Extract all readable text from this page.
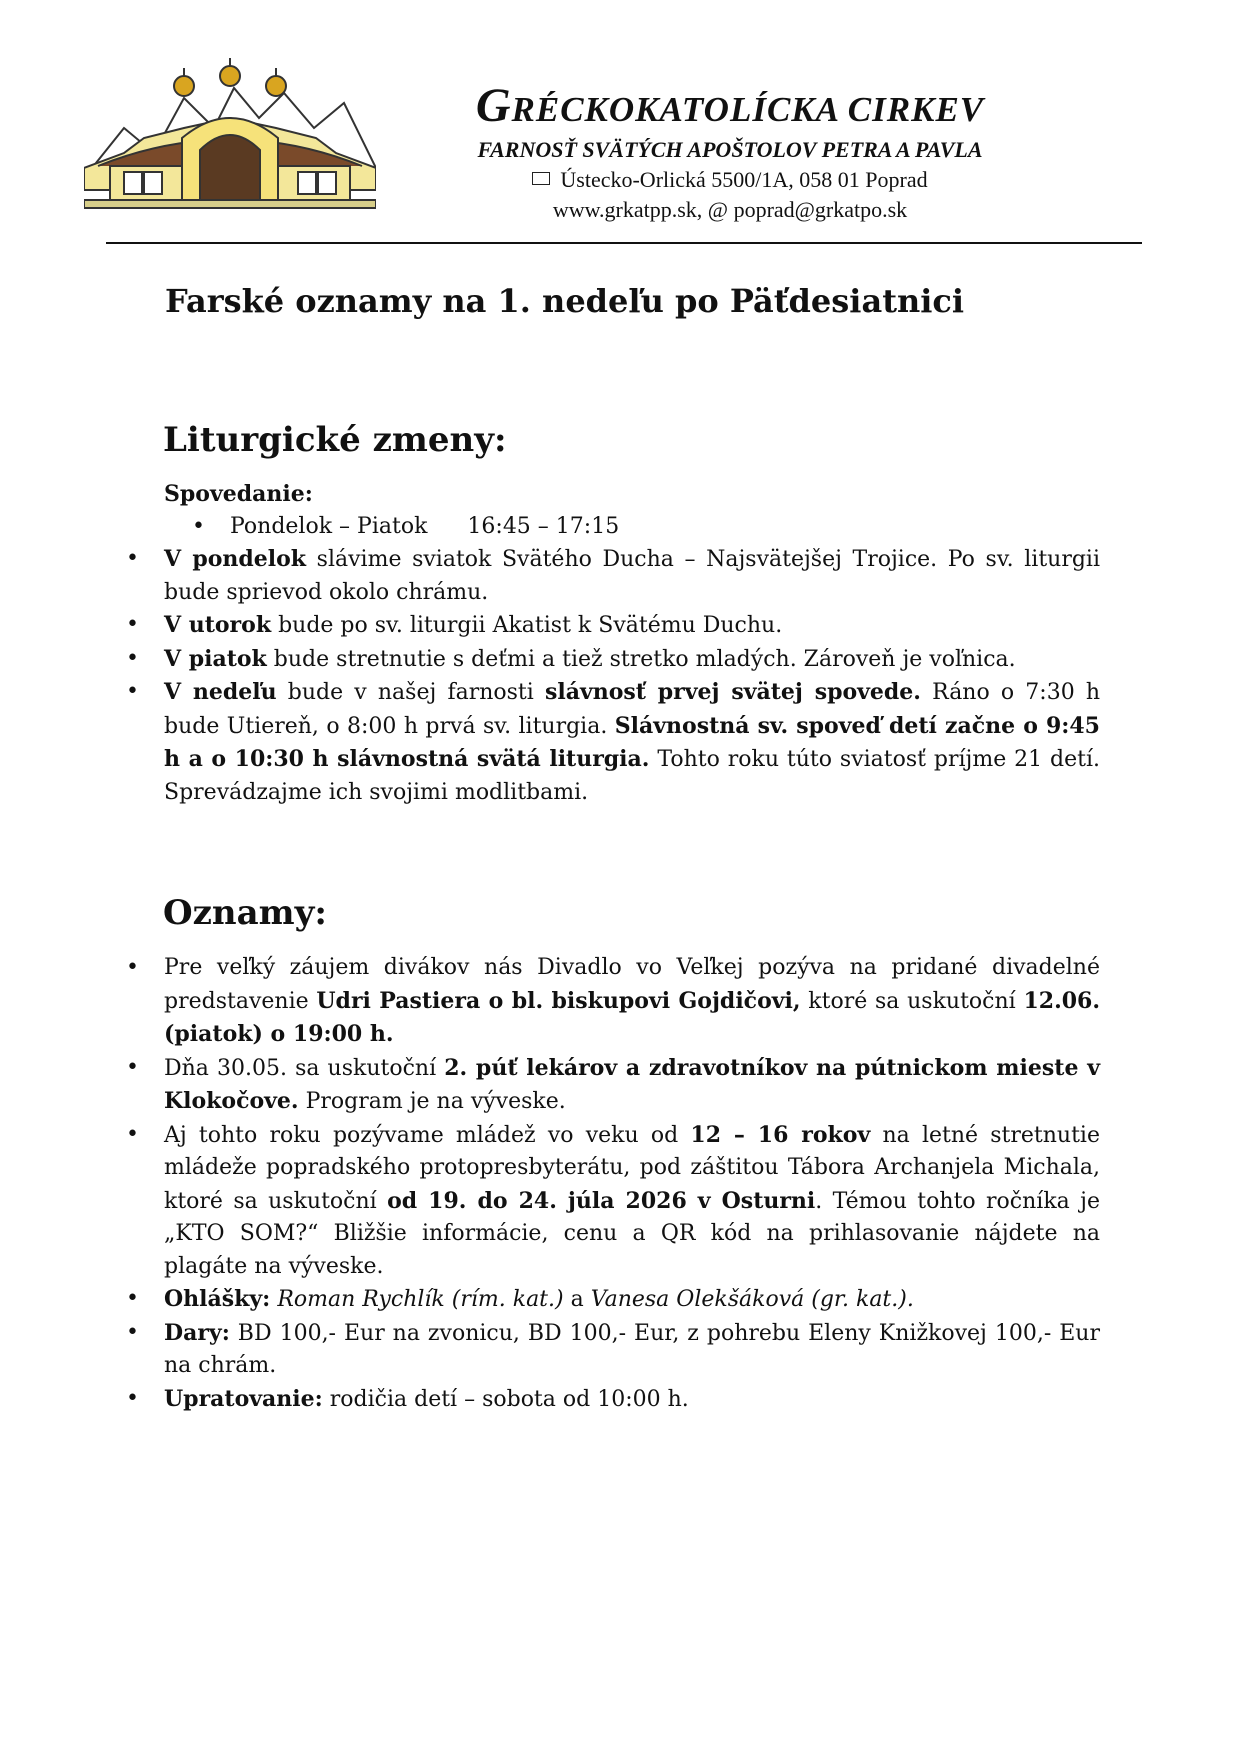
GRÉCKOKATOLÍCKA CIRKEV
FARNOSŤ SVÄTÝCH APOŠTOLOV PETRA A PAVLA
Ústecko-Orlická 5500/1A, 058 01 Poprad
www.grkatpp.sk, @ poprad@grkatpo.sk
Farské oznamy na 1. nedeľu po Päťdesiatnici
Liturgické zmeny:
Spovedanie:
• Pondelok – Piatok 16:45 – 17:15
• V pondelok slávime sviatok Svätého Ducha – Najsvätejšej Trojice. Po sv. liturgii bude sprievod okolo chrámu.
• V utorok bude po sv. liturgii Akatist k Svätému Duchu.
• V piatok bude stretnutie s deťmi a tiež stretko mladých. Zároveň je voľnica.
• V nedeľu bude v našej farnosti slávnosť prvej svätej spovede. Ráno o 7:30 h bude Utiereň, o 8:00 h prvá sv. liturgia. Slávnostná sv. spoveď detí začne o 9:45 h a o 10:30 h slávnostná svätá liturgia. Tohto roku túto sviatosť príjme 21 detí. Sprevádzajme ich svojimi modlitbami.
Oznamy:
• Pre veľký záujem divákov nás Divadlo vo Veľkej pozýva na pridané divadelné predstavenie Udri Pastiera o bl. biskupovi Gojdičovi, ktoré sa uskutoční 12.06. (piatok) o 19:00 h.
• Dňa 30.05. sa uskutoční 2. púť lekárov a zdravotníkov na pútnickom mieste v Klokočove. Program je na výveske.
• Aj tohto roku pozývame mládež vo veku od 12 – 16 rokov na letné stretnutie mládeže popradského protopresbyterátu, pod záštitou Tábora Archanjela Michala, ktoré sa uskutoční od 19. do 24. júla 2026 v Osturni. Témou tohto ročníka je „KTO SOM?“ Bližšie informácie, cenu a QR kód na prihlasovanie nájdete na plagáte na výveske.
• Ohlášky: Roman Rychlík (rím. kat.) a Vanesa Olekšáková (gr. kat.).
• Dary: BD 100,- Eur na zvonicu, BD 100,- Eur, z pohrebu Eleny Knižkovej 100,- Eur na chrám.
• Upratovanie: rodičia detí – sobota od 10:00 h.
